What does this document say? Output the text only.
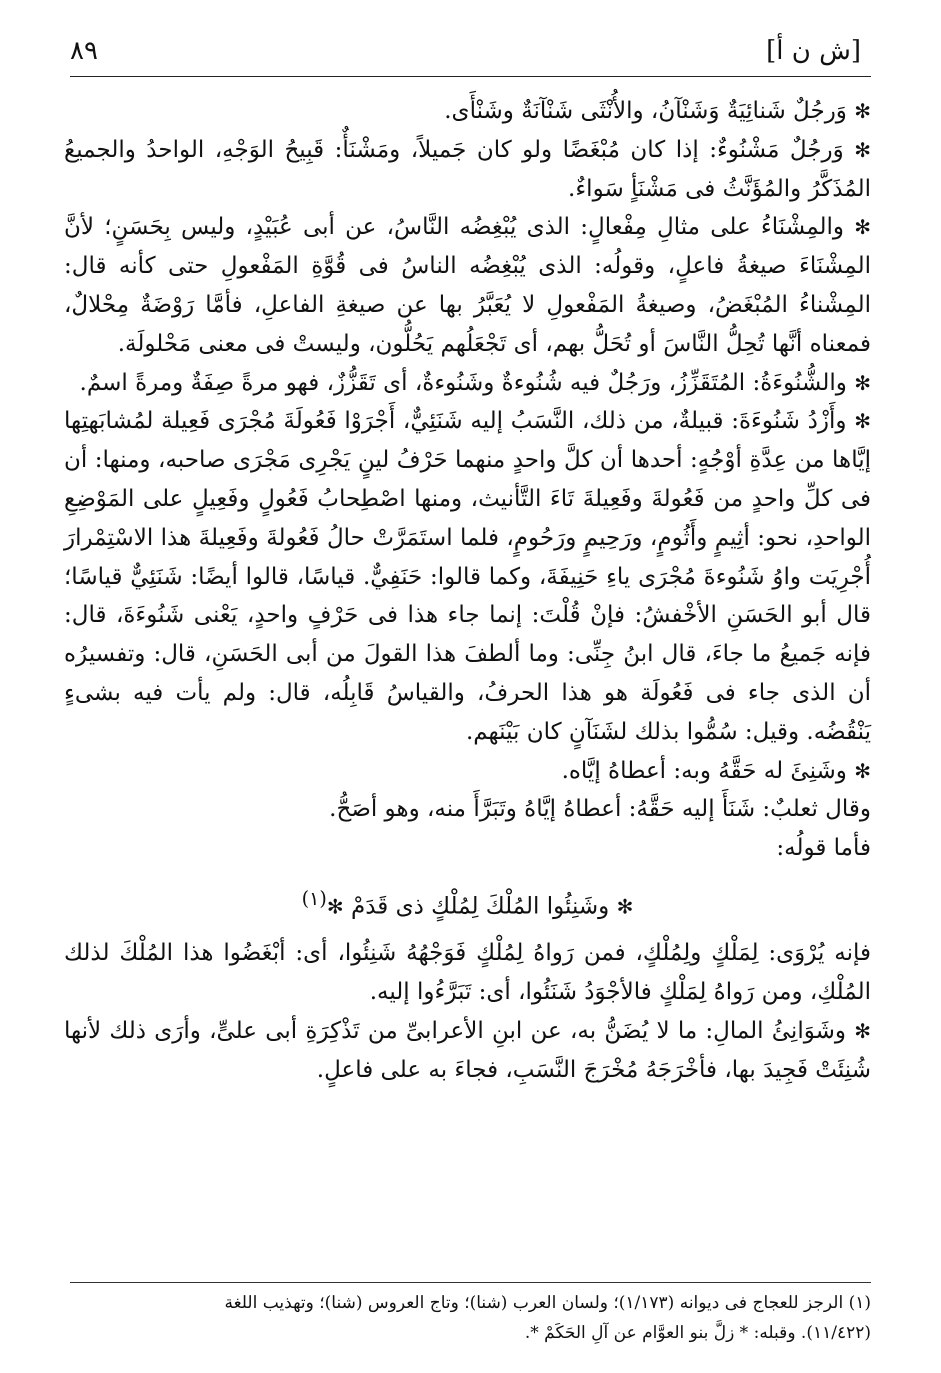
٨٩	[ش ن أ]

✻ وَرجُلٌ شَنائِيَةٌ وَشَنْآنُ، والأُنْثَى شَنْآنَةٌ وشَنْأَى.

✻ وَرجُلٌ مَشْنُوءٌ: إذا كان مُبْغَضًا ولو كان جَميلاً، ومَشْنَأٌ: قَبِيحُ الوَجْهِ، الواحدُ والجميعُ المُذَكَّرُ والمُؤَنَّثُ فى مَشْنَأٍ سَواءٌ.

✻ والمِشْنَاءُ على مثالِ مِفْعالٍ: الذى يُبْغِضُه النَّاسُ، عن أبى عُبَيْدٍ، وليس بِحَسَنٍ؛ لأنَّ المِشْنَاءَ صيغةُ فاعلٍ، وقولُه: الذى يُبْغِضُه الناسُ فى قُوَّةِ المَفْعولِ حتى كأنه قال: المِشْناءُ المُبْغَضُ، وصيغةُ المَفْعولِ لا يُعَبَّرُ بها عن صيغةِ الفاعلِ، فأمَّا رَوْضَةٌ مِحْلالٌ، فمعناه أنَّها تُحِلُّ النَّاسَ أو تُحَلُّ بهم، أى تَجْعَلُهم يَحُلُّون، وليستْ فى معنى مَحْلولَة.

✻ والشُّنُوءَةُ: المُتَقَزِّزُ، ورَجُلٌ فيه شُنُوءةٌ وشَنُوءةٌ، أى تَقَزُّزٌ، فهو مرةً صِفَةٌ ومرةً اسمٌ.

✻ وأَزْدُ شَنُوءَةَ: قبيلةٌ، من ذلك، النَّسَبُ إليه شَنَئِيٌّ، أَجْرَوْا فَعُولَةَ مُجْرَى فَعِيلة لمُشابَهتِها إيَّاها من عِدَّةِ أوْجُهٍ: أحدها أن كلَّ واحدٍ منهما حَرْفُ لينٍ يَجْرِى مَجْرَى صاحبه، ومنها: أن فى كلِّ واحدٍ من فَعُولةَ وفَعِيلةَ تَاءَ التَّأنيث، ومنها اصْطِحابُ فَعُولٍ وفَعِيلٍ على المَوْضِعِ الواحدِ، نحو: أثِيمٍ وأَثُومٍ، ورَحِيمٍ ورَحُومٍ، فلما استَمَرَّتْ حالُ فَعُولةَ وفَعِيلةَ هذا الاسْتِمْرارَ أُجْرِيَت واوُ شَنُوءةَ مُجْرَى ياءِ حَنِيفَةَ، وكما قالوا: حَنَفِيٌّ. قياسًا، قالوا أيضًا: شَنَئِيٌّ قياسًا؛ قال أبو الحَسَنِ الأخْفشُ: فإنْ قُلْتَ: إنما جاء هذا فى حَرْفٍ واحدٍ، يَعْنى شَنُوءَةَ، قال: فإنه جَميعُ ما جاءَ، قال ابنُ جِنِّى: وما ألطفَ هذا القولَ من أبى الحَسَنِ، قال: وتفسيرُه أن الذى جاء فى فَعُولَة هو هذا الحرفُ، والقياسُ قَابِلُه، قال: ولم يأت فيه بشىءٍ يَنْقُضُه. وقيل: سُمُّوا بذلك لشَنَآنٍ كان بَيْنَهم.

✻ وشَنِئَ له حَقَّهُ وبه: أعطاهُ إيَّاه.

وقال ثعلبٌ: شَنَأَ إليه حَقَّهُ: أعطاهُ إيَّاهُ وتَبَرَّأَ منه، وهو أصَحُّ.

فأما قولُه:

✻ وشَنِئُوا المُلْكَ لِمُلْكٍ ذى قَدَمْ ✻$^{(١)}$

فإنه يُرْوَى: لِمَلْكٍ ولِمُلْكٍ، فمن رَواهُ لِمُلْكٍ فَوَجْهُهُ شَنِئُوا، أى: أبْغَضُوا هذا المُلْكَ لذلك المُلْكِ، ومن رَواهُ لِمَلْكٍ فالأجْوَدُ شَنَئُوا، أى: تَبَرَّءُوا إليه.

✻ وشَوَانِئُ المالِ: ما لا يُضَنُّ به، عن ابنِ الأعرابىِّ من تَذْكِرَةِ أبى علىٍّ، وأرَى ذلك لأنها شُنِئَتْ فَجِيدَ بها، فأخْرَجَهُ مُخْرَجَ النَّسَبِ، فجاءَ به على فاعلٍ.

(١) الرجز للعجاج فى ديوانه (١/١٧٣)؛ ولسان العرب (شنا)؛ وتاج العروس (شنا)؛ وتهذيب اللغة

(١١/٤٢٢). وقبله: * زلَّ بنو العوَّام عن آلِ الحَكَمْ *.
